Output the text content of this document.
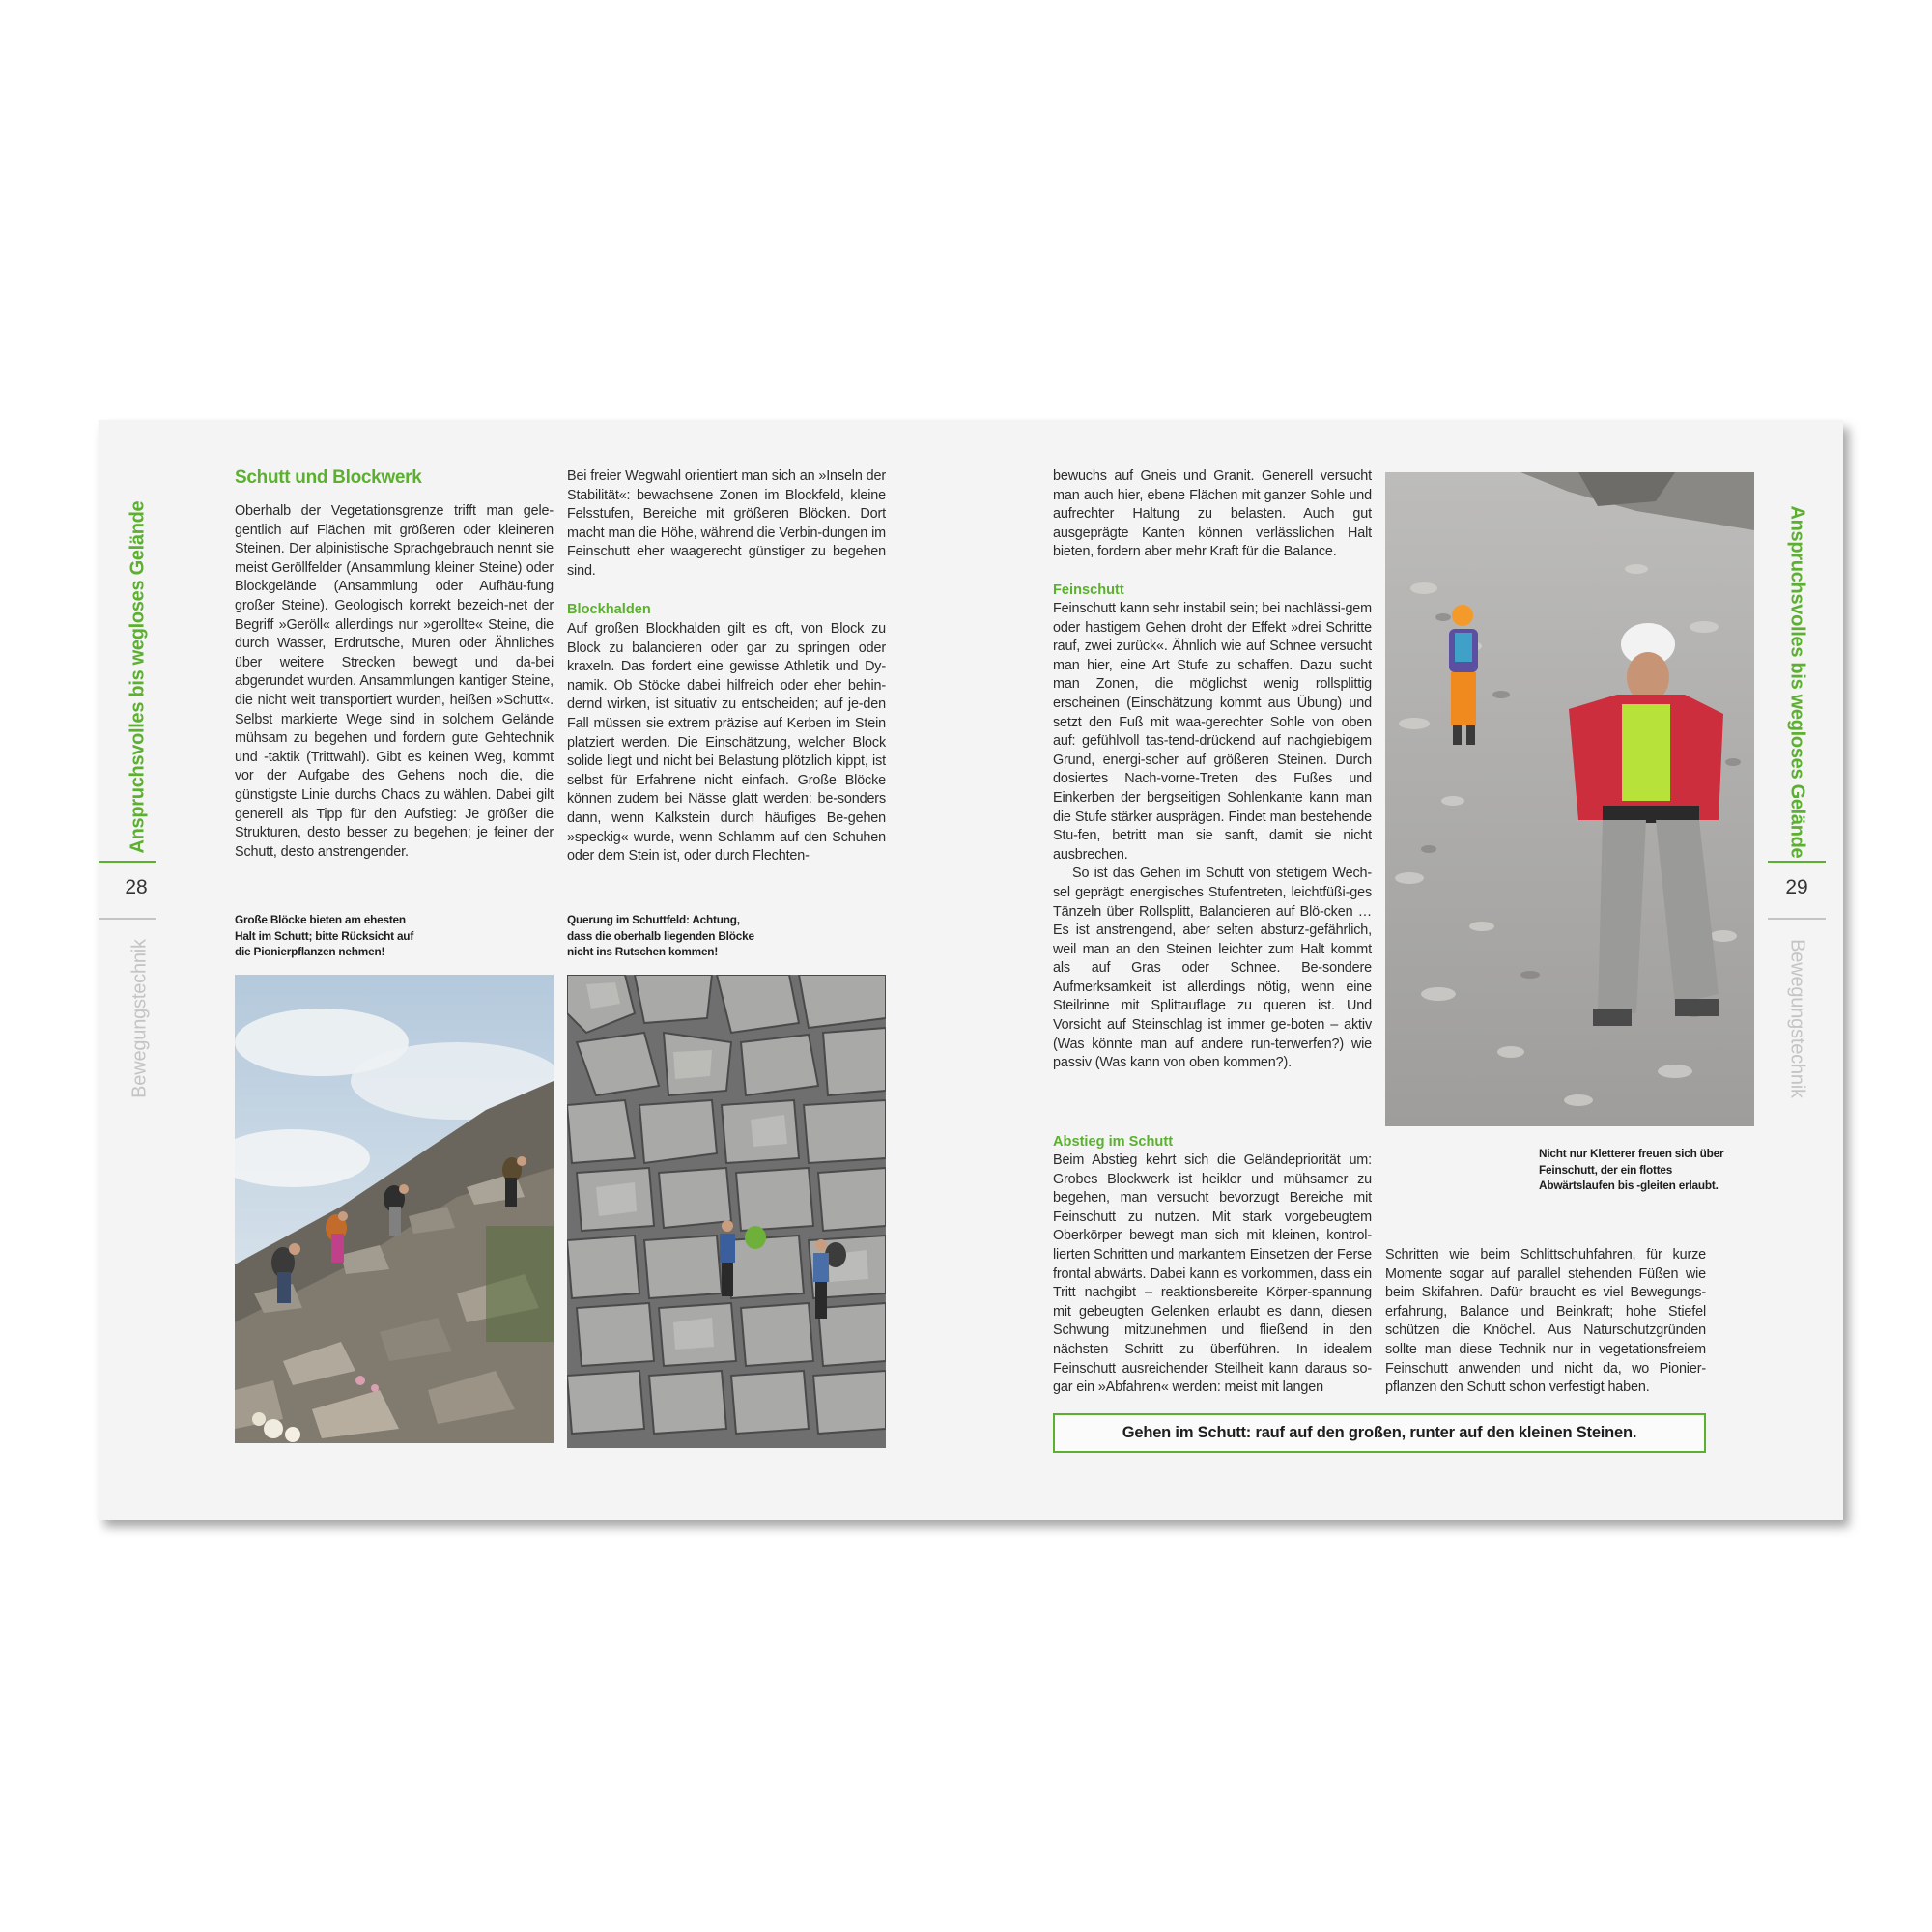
Anspruchsvolles bis wegloses Gelände
28
Bewegungstechnik
Schutt und Blockwerk

Oberhalb der Vegetationsgrenze trifft man gele-gentlich auf Flächen mit größeren oder kleineren Steinen. Der alpinistische Sprachgebrauch nennt sie meist Geröllfelder (Ansammlung kleiner Steine) oder Blockgelände (Ansammlung oder Aufhäu-fung großer Steine). Geologisch korrekt bezeich-net der Begriff »Geröll« allerdings nur »gerollte« Steine, die durch Wasser, Erdrutsche, Muren oder Ähnliches über weitere Strecken bewegt und da-bei abgerundet wurden. Ansammlungen kantiger Steine, die nicht weit transportiert wurden, heißen »Schutt«. Selbst markierte Wege sind in solchem Gelände mühsam zu begehen und fordern gute Gehtechnik und -taktik (Trittwahl). Gibt es keinen Weg, kommt vor der Aufgabe des Gehens noch die, die günstigste Linie durchs Chaos zu wählen. Dabei gilt generell als Tipp für den Aufstieg: Je größer die Strukturen, desto besser zu begehen; je feiner der Schutt, desto anstrengender.

Bei freier Wegwahl orientiert man sich an »Inseln der Stabilität«: bewachsene Zonen im Blockfeld, kleine Felsstufen, Bereiche mit größeren Blöcken. Dort macht man die Höhe, während die Verbin-dungen im Feinschutt eher waagerecht günstiger zu begehen sind.

Blockhalden

Auf großen Blockhalden gilt es oft, von Block zu Block zu balancieren oder gar zu springen oder kraxeln. Das fordert eine gewisse Athletik und Dy-namik. Ob Stöcke dabei hilfreich oder eher behin-dernd wirken, ist situativ zu entscheiden; auf je-den Fall müssen sie extrem präzise auf Kerben im Stein platziert werden. Die Einschätzung, welcher Block solide liegt und nicht bei Belastung plötzlich kippt, ist selbst für Erfahrene nicht einfach. Große Blöcke können zudem bei Nässe glatt werden: be-sonders dann, wenn Kalkstein durch häufiges Be-gehen »speckig« wurde, wenn Schlamm auf den Schuhen oder dem Stein ist, oder durch Flechten-

Große Blöcke bieten am ehesten Halt im Schutt; bitte Rücksicht auf die Pionierpflanzen nehmen!
Querung im Schuttfeld: Achtung, dass die oberhalb liegenden Blöcke nicht ins Rutschen kommen!

bewuchs auf Gneis und Granit. Generell versucht man auch hier, ebene Flächen mit ganzer Sohle und aufrechter Haltung zu belasten. Auch gut ausgeprägte Kanten können verlässlichen Halt bieten, fordern aber mehr Kraft für die Balance.

Feinschutt

Feinschutt kann sehr instabil sein; bei nachlässi-gem oder hastigem Gehen droht der Effekt »drei Schritte rauf, zwei zurück«. Ähnlich wie auf Schnee versucht man hier, eine Art Stufe zu schaffen. Dazu sucht man Zonen, die möglichst wenig rollsplittig erscheinen (Einschätzung kommt aus Übung) und setzt den Fuß mit waa-gerechter Sohle von oben auf: gefühlvoll tas-tend-drückend auf nachgiebigem Grund, energi-scher auf größeren Steinen. Durch dosiertes Nach-vorne-Treten des Fußes und Einkerben der bergseitigen Sohlenkante kann man die Stufe stärker ausprägen. Findet man bestehende Stu-fen, betritt man sie sanft, damit sie nicht ausbrechen.

So ist das Gehen im Schutt von stetigem Wech-sel geprägt: energisches Stufentreten, leichtfüßi-ges Tänzeln über Rollsplitt, Balancieren auf Blö-cken … Es ist anstrengend, aber selten absturz-gefährlich, weil man an den Steinen leichter zum Halt kommt als auf Gras oder Schnee. Be-sondere Aufmerksamkeit ist allerdings nötig, wenn eine Steilrinne mit Splittauflage zu queren ist. Und Vorsicht auf Steinschlag ist immer ge-boten – aktiv (Was könnte man auf andere run-terwerfen?) wie passiv (Was kann von oben kommen?).

Abstieg im Schutt

Beim Abstieg kehrt sich die Geländepriorität um: Grobes Blockwerk ist heikler und mühsamer zu begehen, man versucht bevorzugt Bereiche mit Feinschutt zu nutzen. Mit stark vorgebeugtem Oberkörper bewegt man sich mit kleinen, kontrol-lierten Schritten und markantem Einsetzen der Ferse frontal abwärts. Dabei kann es vorkommen, dass ein Tritt nachgibt – reaktionsbereite Körper-spannung mit gebeugten Gelenken erlaubt es dann, diesen Schwung mitzunehmen und fließend in den nächsten Schritt zu überführen. In idealem Feinschutt ausreichender Steilheit kann daraus so-gar ein »Abfahren« werden: meist mit langen

Nicht nur Kletterer freuen sich über Feinschutt, der ein flottes Abwärtslaufen bis -gleiten erlaubt.

Schritten wie beim Schlittschuhfahren, für kurze Momente sogar auf parallel stehenden Füßen wie beim Skifahren. Dafür braucht es viel Bewegungs-erfahrung, Balance und Beinkraft; hohe Stiefel schützen die Knöchel. Aus Naturschutzgründen sollte man diese Technik nur in vegetationsfreiem Feinschutt anwenden und nicht da, wo Pionier-pflanzen den Schutt schon verfestigt haben.

Gehen im Schutt: rauf auf den großen, runter auf den kleinen Steinen.
Anspruchsvolles bis wegloses Gelände
29
Bewegungstechnik
